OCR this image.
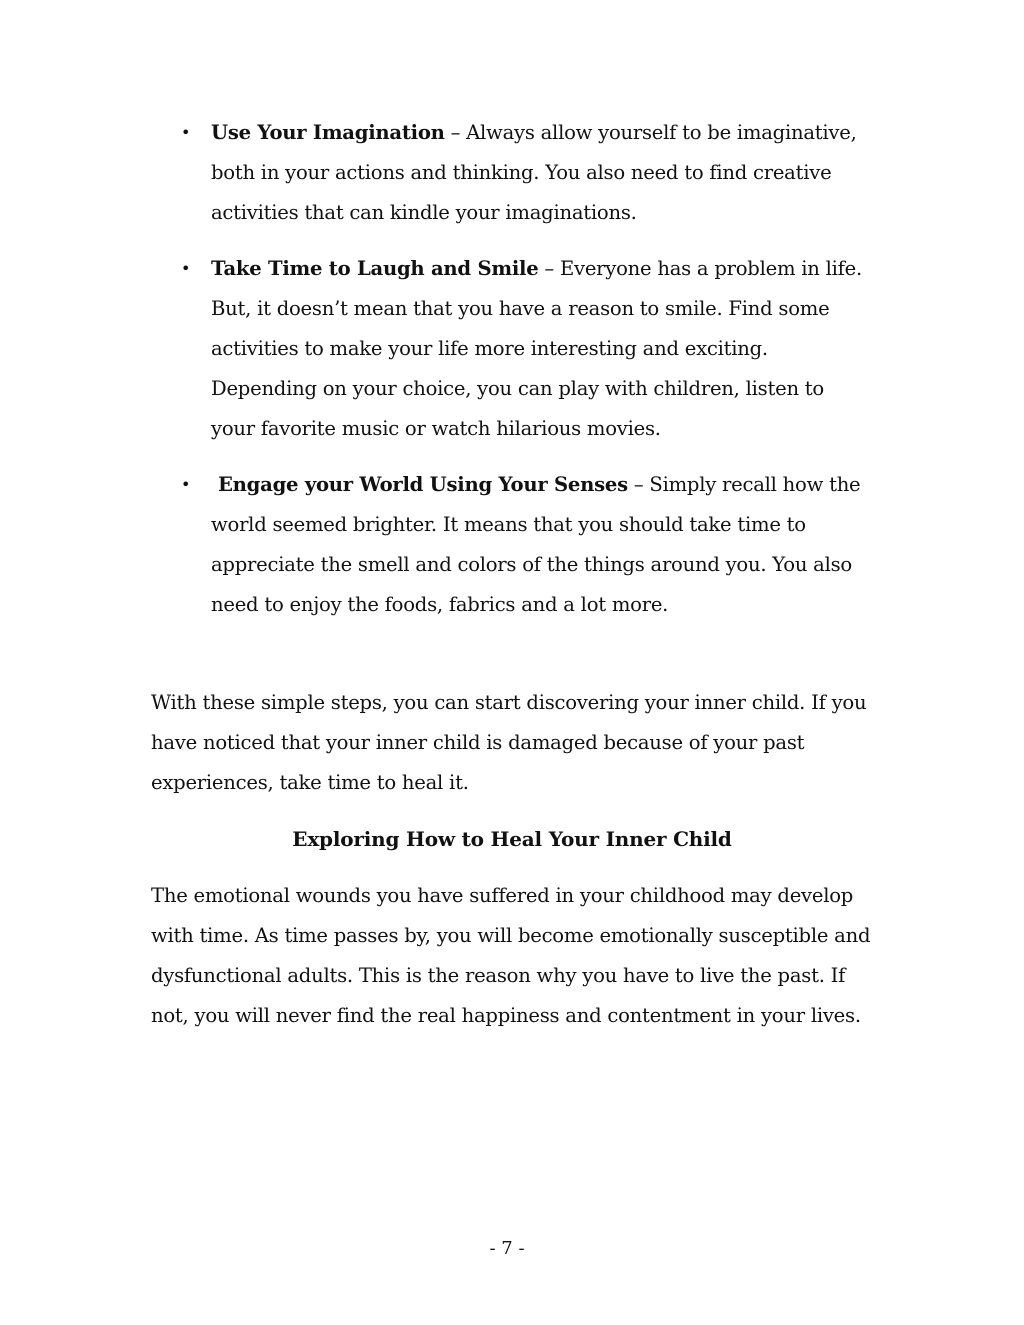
• Use Your Imagination – Always allow yourself to be imaginative, both in your actions and thinking. You also need to find creative activities that can kindle your imaginations.
• Take Time to Laugh and Smile – Everyone has a problem in life. But, it doesn’t mean that you have a reason to smile. Find some activities to make your life more interesting and exciting. Depending on your choice, you can play with children, listen to your favorite music or watch hilarious movies.
• Engage your World Using Your Senses – Simply recall how the world seemed brighter. It means that you should take time to appreciate the smell and colors of the things around you. You also need to enjoy the foods, fabrics and a lot more.

With these simple steps, you can start discovering your inner child. If you have noticed that your inner child is damaged because of your past experiences, take time to heal it.

Exploring How to Heal Your Inner Child

The emotional wounds you have suffered in your childhood may develop with time. As time passes by, you will become emotionally susceptible and dysfunctional adults. This is the reason why you have to live the past. If not, you will never find the real happiness and contentment in your lives.

- 7 -
